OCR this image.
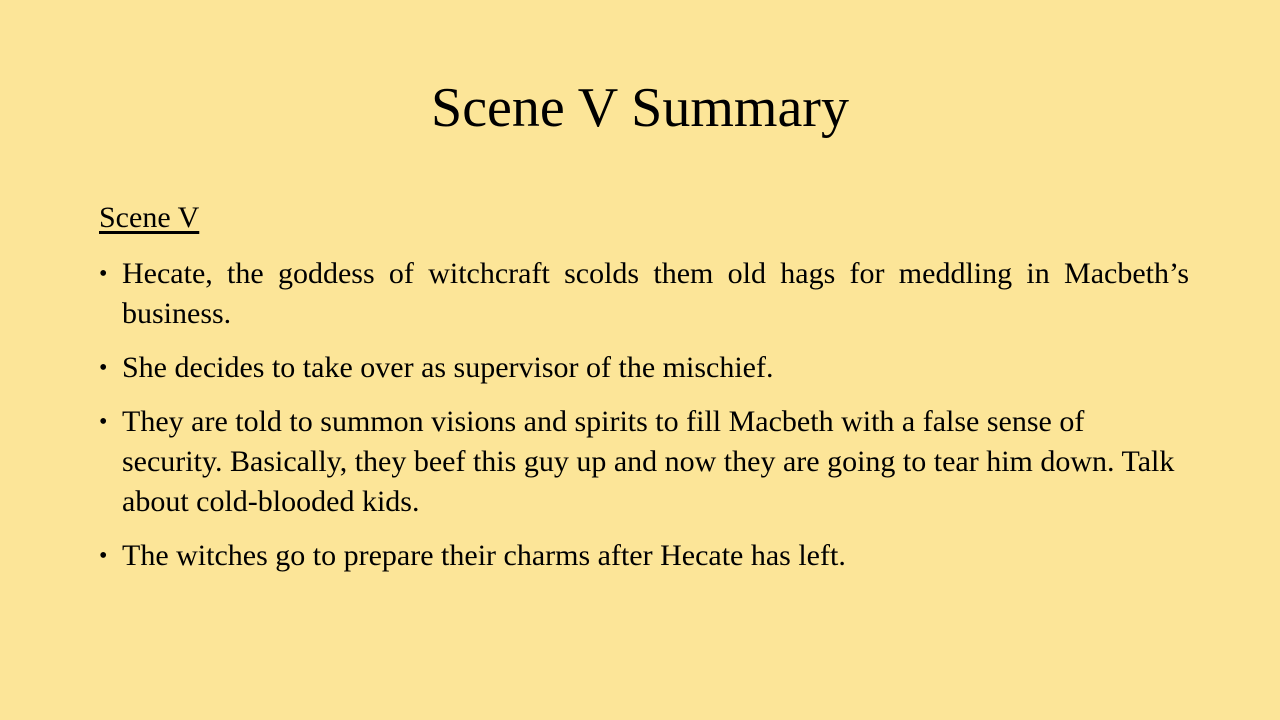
Scene V Summary
Scene V
• Hecate, the goddess of witchcraft scolds them old hags for meddling in Macbeth’s business.
• She decides to take over as supervisor of the mischief.
• They are told to summon visions and spirits to fill Macbeth with a false sense of security. Basically, they beef this guy up and now they are going to tear him down. Talk about cold-blooded kids.
• The witches go to prepare their charms after Hecate has left.
